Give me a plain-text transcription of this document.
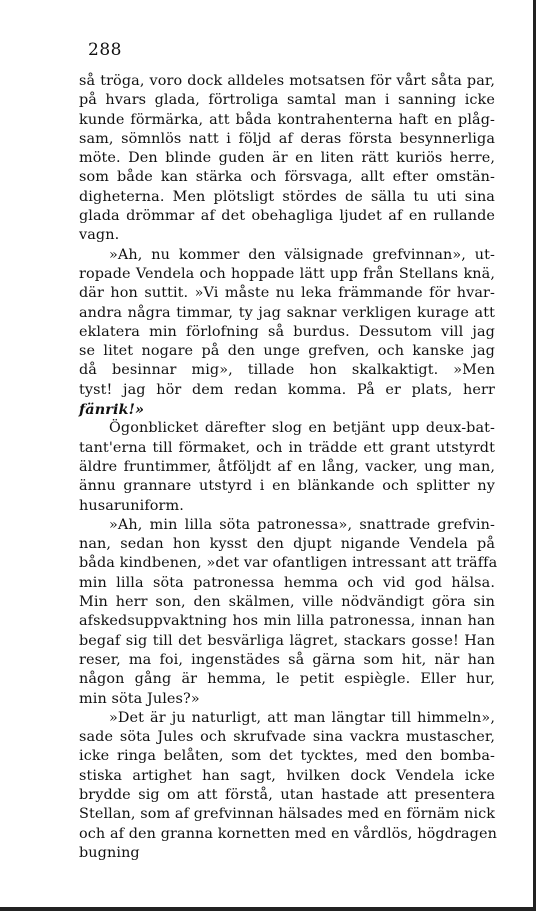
288
så tröga, voro dock alldeles motsatsen för vårt såta par,
på hvars glada, förtroliga samtal man i sanning icke
kunde förmärka, att båda kontrahenterna haft en plåg-
sam, sömnlös natt i följd af deras första besynnerliga
möte. Den blinde guden är en liten rätt kuriös herre,
som både kan stärka och försvaga, allt efter omstän-
digheterna. Men plötsligt stördes de sälla tu uti sina
glada drömmar af det obehagliga ljudet af en rullande
vagn.
»Ah, nu kommer den välsignade grefvinnan», ut-
ropade Vendela och hoppade lätt upp från Stellans knä,
där hon suttit. »Vi måste nu leka främmande för hvar-
andra några timmar, ty jag saknar verkligen kurage att
eklatera min förlofning så burdus. Dessutom vill jag
se litet nogare på den unge grefven, och kanske jag
då besinnar mig», tillade hon skalkaktigt. »Men
tyst! jag hör dem redan komma. På er plats, herr
fänrik!»
Ögonblicket därefter slog en betjänt upp deux-bat-
tant'erna till förmaket, och in trädde ett grant utstyrdt
äldre fruntimmer, åtföljdt af en lång, vacker, ung man,
ännu grannare utstyrd i en blänkande och splitter ny
husaruniform.
»Ah, min lilla söta patronessa», snattrade grefvin-
nan, sedan hon kysst den djupt nigande Vendela på
båda kindbenen, »det var ofantligen intressant att träffa
min lilla söta patronessa hemma och vid god hälsa.
Min herr son, den skälmen, ville nödvändigt göra sin
afskedsuppvaktning hos min lilla patronessa, innan han
begaf sig till det besvärliga lägret, stackars gosse! Han
reser, ma foi, ingenstädes så gärna som hit, när han
någon gång är hemma, le petit espiègle. Eller hur,
min söta Jules?»
»Det är ju naturligt, att man längtar till himmeln»,
sade söta Jules och skrufvade sina vackra mustascher,
icke ringa belåten, som det tycktes, med den bomba-
stiska artighet han sagt, hvilken dock Vendela icke
brydde sig om att förstå, utan hastade att presentera
Stellan, som af grefvinnan hälsades med en förnäm nick
och af den granna kornetten med en vårdlös, högdragen
bugning
